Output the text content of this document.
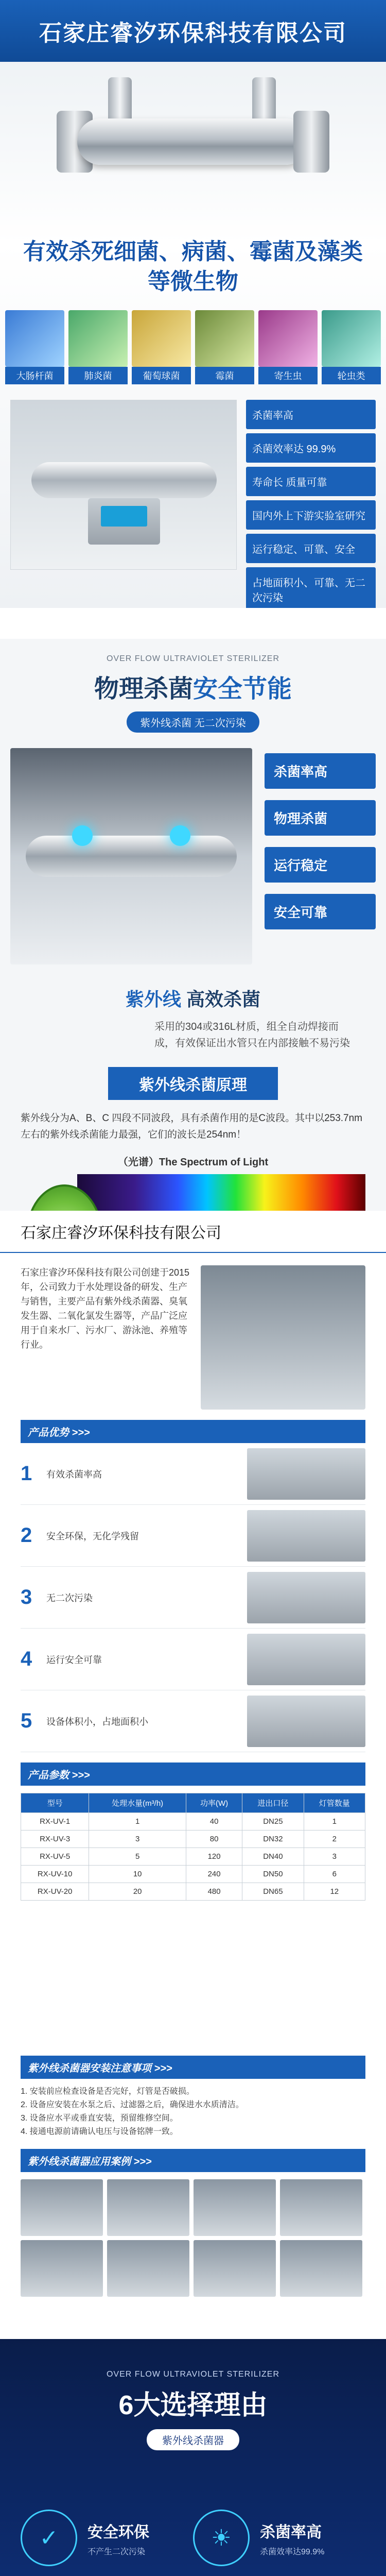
石家庄睿汐环保科技有限公司
有效杀死细菌、病菌、霉菌及藻类等微生物
大肠杆菌	肺炎菌	葡萄球菌	霉菌	寄生虫	轮虫类
杀菌率高
杀菌效率达 99.9%
寿命长 质量可靠
国内外上下游实验室研究
运行稳定、可靠、安全
占地面积小、可靠、无二次污染
OVER FLOW ULTRAVIOLET STERILIZER
物理杀菌安全节能
紫外线杀菌 无二次污染
杀菌率高
物理杀菌
运行稳定
安全可靠
紫外线 高效杀菌
采用的304或316L材质，组全自动焊接而成，有效保证出水管只在内部接触不易污染
紫外线杀菌原理
紫外线分为A、B、C 四段不同波段，具有杀菌作用的是C波段。其中以253.7nm左右的紫外线杀菌能力最强，它们的波长是254nm！
（光谱）The Spectrum of Light
石家庄睿汐环保科技有限公司

石家庄睿汐环保科技有限公司创建于2015年，公司致力于水处理设备的研发、生产与销售，主要产品有紫外线杀菌器、臭氧发生器、二氧化氯发生器等，产品广泛应用于自来水厂、污水厂、游泳池、养殖等行业。

产品优势 >>>
1	有效杀菌率高
2	安全环保，无化学残留
3	无二次污染
4	运行安全可靠
5	设备体积小，占地面积小
产品参数 >>>
型号	处理水量(m³/h)	功率(W)	进出口径	灯管数量
RX-UV-1	1	40	DN25	1
RX-UV-3	3	80	DN32	2
RX-UV-5	5	120	DN40	3
RX-UV-10	10	240	DN50	6
RX-UV-20	20	480	DN65	12
紫外线杀菌器安装注意事项 >>>
1. 安装前应检查设备是否完好，灯管是否破损。
2. 设备应安装在水泵之后、过滤器之后，确保进水水质清洁。
3. 设备应水平或垂直安装，预留维修空间。
4. 接通电源前请确认电压与设备铭牌一致。
紫外线杀菌器应用案例 >>>
OVER FLOW ULTRAVIOLET STERILIZER
6大选择理由
紫外线杀菌器
✓	安全环保
不产生二次污染
☀	杀菌率高
杀菌效率达99.9%
